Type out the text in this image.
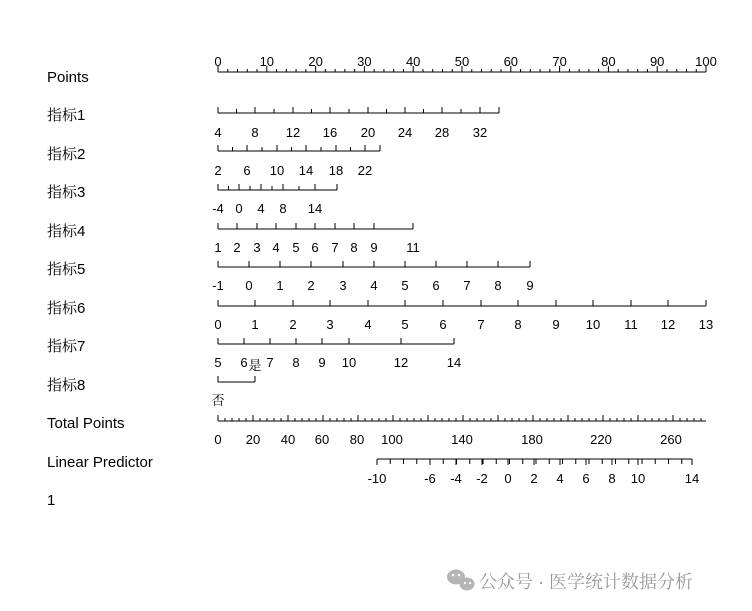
Points
0	10	20	30	40	50	60	70	80	90 100
指标1
4 8 12 16 20 24 28 32
指标2
2 6 10 14 18 22
指标3
-4 0 4 8 14
指标4
1 2 3 4 5 6 7 8 9 11
指标5
-1 0 1 2 3 4 5 6 7 8 9
指标6
0 1 2 3 4 5 6 7 8 9 10 11 12 13
指标7
5 6 7 8 9 10	12	14
指标8
否
是
Total Points
0 20 40 60 80 100	140	180	220	260
Linear Predictor
-10	-6 -4 -2 0 2 4 6 8 10	14
1
公众号 · 医学统计数据分析
